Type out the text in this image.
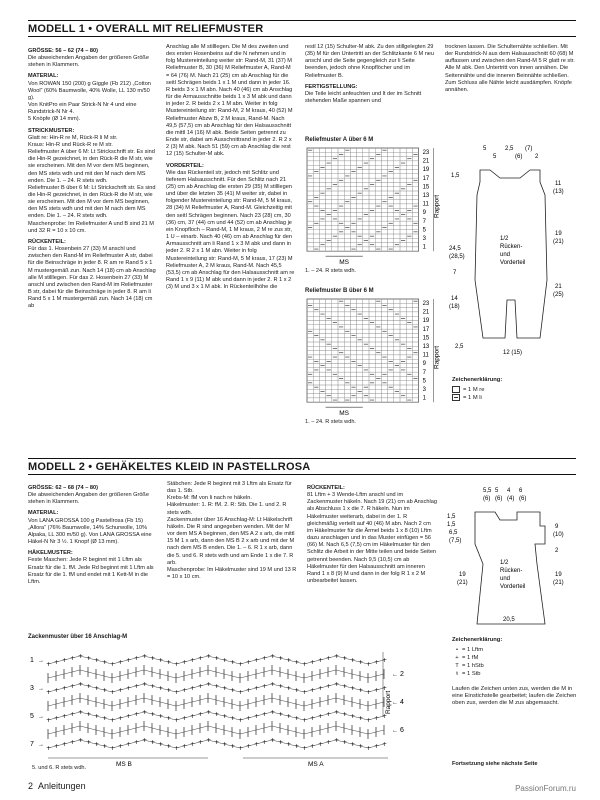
MODELL 1 • OVERALL MIT RELIEFMUSTER

GRÖSSE: 56 – 62 (74 – 80)

Die abweichenden Angaben der größeren Größe stehen in Klammern.

MATERIAL:

Von ROWAN 150 (200) g Giggle (Fb 212) „Cotton Wool“ (60% Baumwolle, 40% Wolle, LL 130 m/50 g).

Von KnitPro ein Paar Strick-N Nr 4 und eine Rundstrick-N Nr 4.

5 Knöpfe (Ø 14 mm).

STRICKMUSTER:

Glatt re: Hin-R re M, Rück-R li M str.

Kraus: Hin-R und Rück-R re M str.

Reliefmuster A über 6 M: Lt Strickschrift str. Es sind die Hin-R gezeichnet, in den Rück-R die M str, wie sie erscheinen. Mit den M vor dem MS beginnen, den MS stets wdh und mit den M nach dem MS enden. Die 1. – 24. R stets wdh.

Reliefmuster B über 6 M: Lt Strickschrift str. Es sind die Hin-R gezeichnet, in den Rück-R die M str, wie sie erscheinen. Mit den M vor dem MS beginnen, den MS stets wdh und mit den M nach dem MS enden. Die 1. – 24. R stets wdh.

Maschenprobe: Im Reliefmuster A und B sind 21 M und 32 R = 10 x 10 cm.

RÜCKENTEIL:

Für das 1. Hosenbein 27 (33) M anschl und zwischen den Rand-M im Reliefmuster A str, dabei für die Beinschräge in jeder 8. R am re Rand 5 x 1 M mustergemäß zun. Nach 14 (18) cm ab Anschlag alle M stilllegen. Für das 2. Hosenbein 27 (33) M anschl und zwischen den Rand-M im Reliefmuster B str, dabei für die Beinschräge in jeder 8. R am li Rand 5 x 1 M mustergemäß zun. Nach 14 (18) cm ab

Anschlag alle M stilllegen. Die M des zweiten und des ersten Hosenbeins auf die N nehmen und in folg Mustereinteilung weiter str: Rand-M, 31 (37) M Reliefmuster B, 30 (36) M Reliefmuster A, Rand-M = 64 (76) M. Nach 21 (25) cm ab Anschlag für die seitl Schrägen beids 1 x 1 M und dann in jeder 16. R beids 3 x 1 M abn. Nach 40 (46) cm ab Anschlag für die Armausschnitte beids 1 x 3 M abk und dann in jeder 2. R beids 2 x 1 M abn. Weiter in folg Mustereinteilung str: Rand-M, 2 M kraus, 40 (52) M Reliefmuster Abzw B, 2 M kraus, Rand-M. Nach 49,5 (57,5) cm ab Anschlag für den Halsausschnitt die mittl 14 (16) M abk. Beide Seiten getrennt zu Ende str, dabei am Ausschnittrand in jeder 2. R 2 x 2 (3) M abk. Nach 51 (59) cm ab Anschlag die rest 12 (15) Schulter-M abk.

VORDERTEIL:

Wie das Rückenteil str, jedoch mit Schlitz und tieferem Halsausschnitt. Für den Schlitz nach 21 (25) cm ab Anschlag die ersten 29 (35) M stilllegen und über die letzten 35 (41) M weiter str, dabei in folgender Mustereinteilung str: Rand-M, 5 M kraus, 28 (34) M Reliefmuster A, Rand-M. Gleichzeitig mit den seitl Schrägen beginnen. Nach 23 (28) cm, 30 (36) cm, 37 (44) cm und 44 (52) cm ab Anschlag je ein Knopfloch – Rand-M, 1 M kraus, 2 M re zus str, 1 U – einarb. Nach 40 (46) cm ab Anschlag für den Armausschnitt am li Rand 1 x 3 M abk und dann in jeder 2. R 2 x 1 M abn. Weiter in folg Mustereinteilung str: Rand-M, 5 M kraus, 17 (23) M Reliefmuster A, 2 M kraus, Rand-M. Nach 45,5 (53,5) cm ab Anschlag für den Halsausschnitt am re Rand 1 x 9 (11) M abk und dann in jeder 2. R 1 x 2 (3) M und 3 x 1 M abk. In Rückenteilhöhe die

restl 12 (15) Schulter-M abk. Zu den stillgelegten 29 (35) M für den Untertritt an der Schlitzkante 6 M neu anschl und die Seite gegengleich zur li Seite beenden, jedoch ohne Knopflöcher und im Reliefmuster B.

FERTIGSTELLUNG:

Die Teile leicht anfeuchten und lt der im Schnitt stehenden Maße spannen und

trocknen lassen. Die Schulternähte schließen. Mit der Rundstrick-N aus dem Halsausschnitt 60 (68) M auffassen und zwischen den Rand-M 5 R glatt re str. Alle M abk. Den Untertritt von innen annähen. Die Seitennähte und die inneren Beinnähte schließen. Zum Schluss alle Nähte leicht ausdämpfen. Knöpfe annähen.

Reliefmuster A über 6 M
23
21
19
17
15
13
11
9
7
5
3
1
Rapport
MS
1. – 24. R stets wdh.
Reliefmuster B über 6 M
23
21
19
17
15
13
11
9
7
5
3
1
Rapport
MS
1. – 24. R stets wdh.
5
5
2,5
(6)
(7)
2
1,5
24,5
(28,5)
7
14
(18)
2,5
11
(13)
19
(21)
21
(25)
12 (15)
1/2
Rücken-
und
Vorderteil
Zeichenerklärung:
= 1 M re
= 1 M li
MODELL 2 • GEHÄKELTES KLEID IN PASTELLROSA

GRÖSSE: 62 – 68 (74 – 80)

Die abweichenden Angaben der größeren Größe stehen in Klammern.

MATERIAL:

Von LANA GROSSA 100 g Pastellrosa (Fb 15) „Allora“ (76% Baumwolle, 14% Schurwolle, 10% Alpaka, LL 300 m/50 g). Von LANA GROSSA eine Häkel-N Nr 3 ½. 1 Knopf (Ø 13 mm).

HÄKELMUSTER:

Feste Maschen: Jede R beginnt mit 1 Lftm als Ersatz für die 1. fM. Jede Rd beginnt mit 1 Lftm als Ersatz für die 1. fM und endet mit 1 Kett-M in die Lftm.

Stäbchen: Jede R beginnt mit 3 Lftm als Ersatz für das 1. Stb.

Krebs-M: fM von li nach re häkeln.

Häkelmuster: 1. R: fM. 2. R: Stb. Die 1. und 2. R stets wdh.

Zackenmuster über 16 Anschlag-M: Lt Häkelschrift häkeln. Die R sind angegeben wenden. Mit der M vor dem MS A beginnen, den MS A 2 x arb, die mittl 15 M 1 x arb, dann den MS B 2 x arb und mit der M nach dem MS B enden. Die 1. – 6. R 1 x arb, dann die 5. und 6. R stets wdh und am Ende 1 x die 7. R arb.

Maschenprobe: Im Häkelmuster sind 19 M und 13 R = 10 x 10 cm.

RÜCKENTEIL:

81 Lftm + 3 Wende-Lftm anschl und im Zackenmuster häkeln. Nach 19 (21) cm ab Anschlag als Abschluss 1 x die 7. R häkeln. Nun im Häkelmuster weiterarb, dabei in der 1. R gleichmäßig verteilt auf 40 (46) M abn. Nach 2 cm im Häkelmuster für die Ärmel beids 1 x 8 (10) Lftm dazu anschlagen und in das Muster einfügen = 56 (66) M. Nach 6,5 (7,5) cm im Häkelmuster für den Schlitz die Arbeit in der Mitte teilen und beide Seiten getrennt beenden. Nach 9,5 (10,5) cm ab Häkelmuster für den Halsausschnitt am inneren Rand 1 x 8 (9) M und dann in der folg R 1 x 2 M unbearbeitet lassen.

5,5 5 4 6
(6) (6) (4) (6)
1,5
1,5
6,5
(7,5)
19
(21)
9
(10)
2
19
(21)
20,5
1/2
Rücken-
und
Vorderteil
Zackenmuster über 16 Anschlag-M
7 →
6
←
5 →
4
←
3 →
2
←
1 →
+ + + + + + + + + + + + + + + + + + + + + + + + + + + + + + + + + + + + + + + + + + +
+ + + + + + + + + + + + + + + + + + + + + + + + + + + + + + + + + + + + + + + + + + +
+ + + + + + + + + + + + + + + + + + + + + + + + + + + + + + + + + + + + + + + + + + +
+ + + + + + + + + + + + + + + + + + + + + + + + + + + + + + + + + + + + + + + + + + +
Rapport
MS B	MS A
5. und 6. R stets wdh.
Zeichenerklärung:
• = 1 Lftm
+ = 1 fM
T = 1 hStb
ŧ = 1 Stb
Laufen die Zeichen unten zus, werden die M in eine Einstichstelle gearbeitet; laufen die Zeichen oben zus, werden die M zus abgemascht.
Fortsetzung siehe nächste Seite
2 Anleitungen	PassionForum.ru
